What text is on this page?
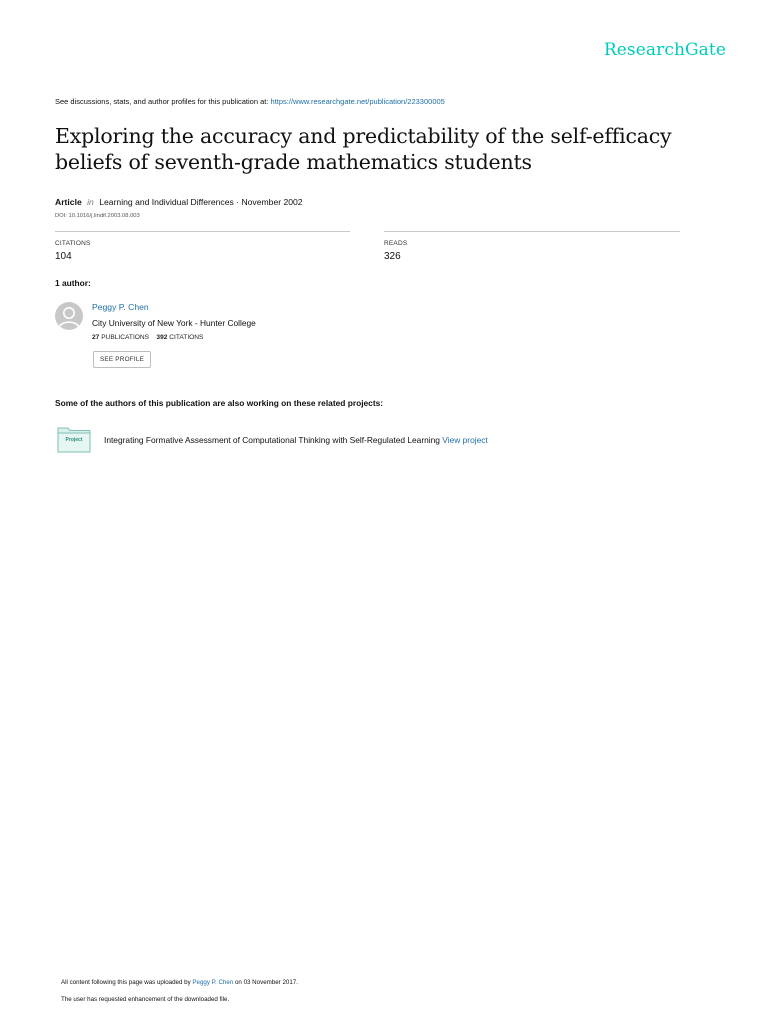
ResearchGate
See discussions, stats, and author profiles for this publication at: https://www.researchgate.net/publication/223300005
Exploring the accuracy and predictability of the self-efficacy beliefs of seventh-grade mathematics students
Article in Learning and Individual Differences · November 2002
DOI: 10.1016/j.lindif.2003.08.003
CITATIONS
104
READS
326
1 author:
Peggy P. Chen
City University of New York - Hunter College
27 PUBLICATIONS 392 CITATIONS
SEE PROFILE
Some of the authors of this publication are also working on these related projects:
Project	Integrating Formative Assessment of Computational Thinking with Self-Regulated Learning View project
All content following this page was uploaded by Peggy P. Chen on 03 November 2017.
The user has requested enhancement of the downloaded file.
